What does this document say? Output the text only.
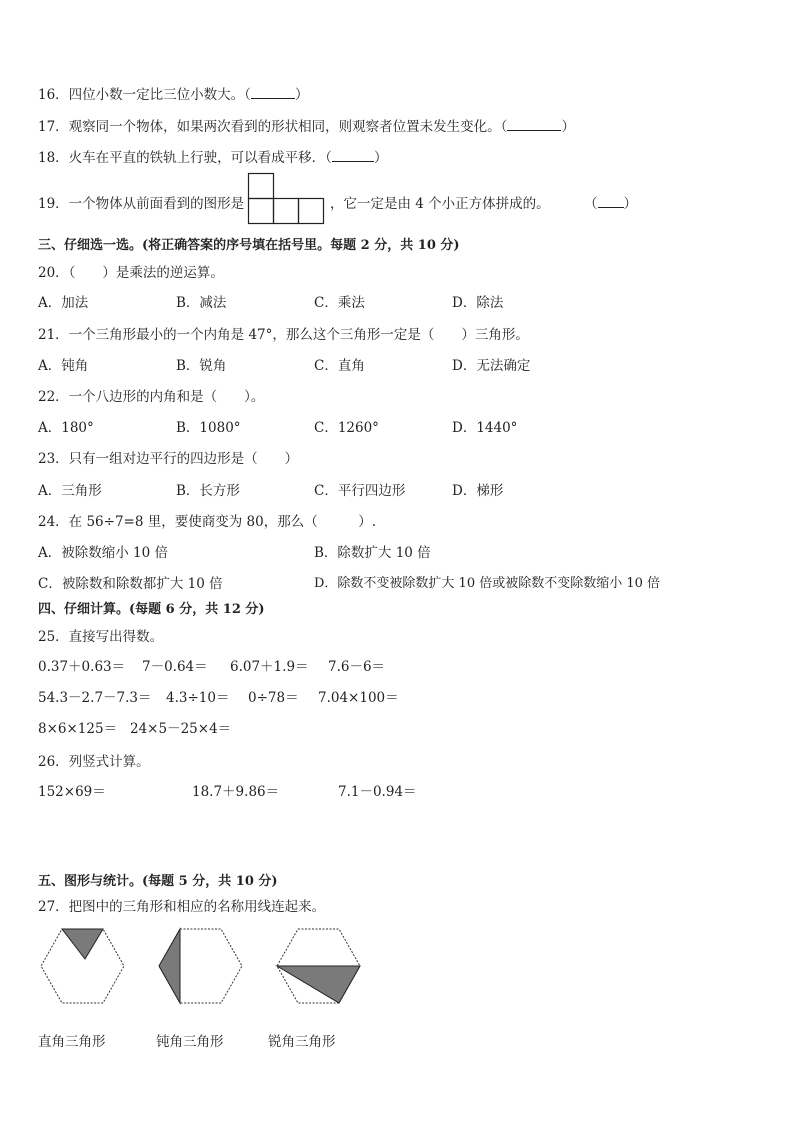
16．四位小数一定比三位小数大。（	）
17．观察同一个物体，如果两次看到的形状相同，则观察者位置未发生变化。（	）
18．火车在平直的铁轨上行驶，可以看成平移．（	）
19．一个物体从前面看到的图形是	，它一定是由 4 个小正方体拼成的。	（ ）
三、仔细选一选。(将正确答案的序号填在括号里。每题 2 分，共 10 分)
20．（　　）是乘法的逆运算。
A．加法	B．减法	C．乘法	D．除法
21．一个三角形最小的一个内角是 47°，那么这个三角形一定是（　　）三角形。
A．钝角	B．锐角	C．直角	D．无法确定
22．一个八边形的内角和是（　　）。
A．180°	B．1080°	C．1260°	D．1440°
23．只有一组对边平行的四边形是（　　）
A．三角形	B．长方形	C．平行四边形	D．梯形
24．在 56÷7=8 里，要使商变为 80，那么（　　　）.
A．被除数缩小 10 倍	B．除数扩大 10 倍
C．被除数和除数都扩大 10 倍	D．除数不变被除数扩大 10 倍或被除数不变除数缩小 10 倍
四、仔细计算。(每题 6 分，共 12 分)
25．直接写出得数。
0.37＋0.63＝ 7－0.64＝ 6.07＋1.9＝ 7.6－6＝
54.3－2.7－7.3＝ 4.3÷10＝ 0÷78＝ 7.04×100＝
8×6×125＝ 24×5－25×4＝
26．列竖式计算。
152×69＝	18.7＋9.86＝	7.1－0.94＝
五、图形与统计。(每题 5 分，共 10 分)
27．把图中的三角形和相应的名称用线连起来。
直角三角形	钝角三角形	锐角三角形
